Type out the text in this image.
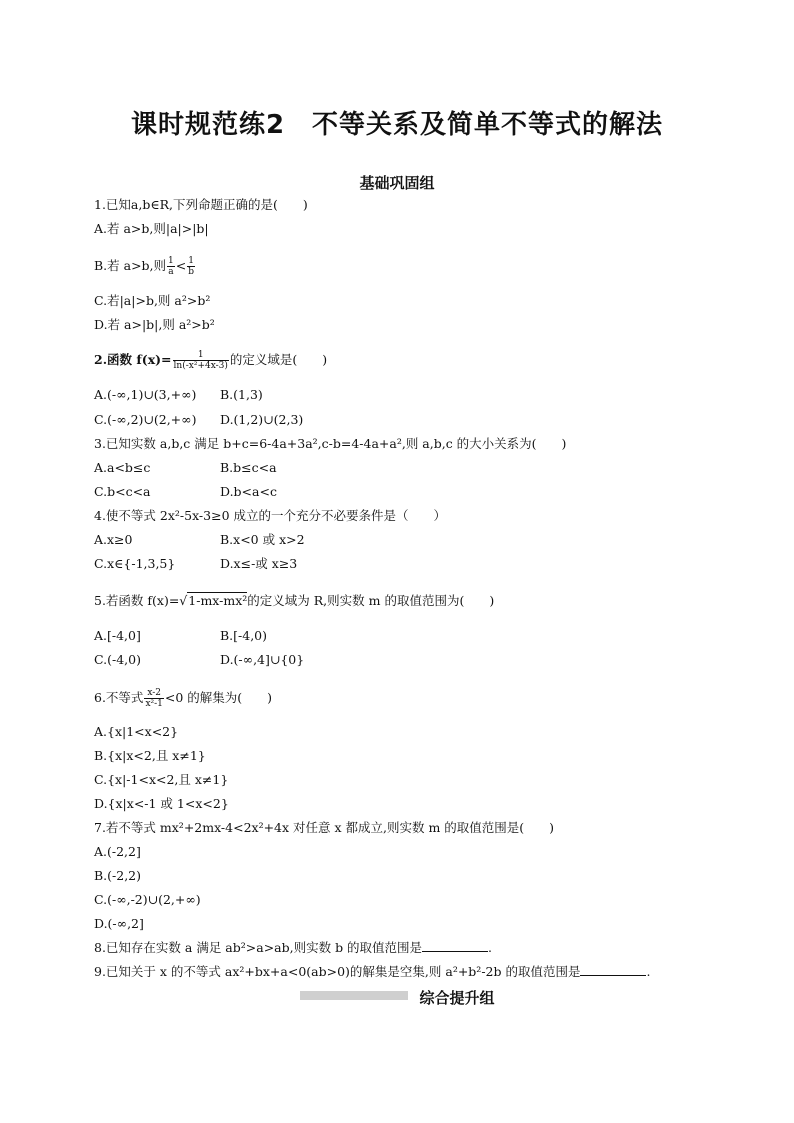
课时规范练2　不等关系及简单不等式的解法
基础巩固组
1.已知a,b∈R,下列命题正确的是(　　)
A.若 a>b,则|a|>|b|
B.若 a>b,则 $\frac{1}{a} < \frac{1}{b}$
C.若|a|>b,则 a²>b²
D.若 a>|b|,则 a²>b²
2.函数 $f(x)= \frac{1}{\text{ln(-x²+4x-3)}}$ 的定义域是(　　)
A.(-∞,1)∪(3,+∞) B.(1,3)
C.(-∞,2)∪(2,+∞) D.(1,2)∪(2,3)
3.已知实数 a,b,c 满足 b+c=6-4a+3a²,c-b=4-4a+a²,则 a,b,c 的大小关系为(　　)
A.a<b≤c	B.b≤c<a
C.b<c<a	D.b<a<c
4.使不等式 2x²-5x-3≥0 成立的一个充分不必要条件是（　　）
A.x≥0	B.x<0 或 x>2
C.x∈{-1,3,5}	D.x≤-或 x≥3
5.若函数 f(x)=√1-mx-mx²的定义域为 R,则实数 m 的取值范围为(　　)
A.[-4,0]	B.[-4,0)
C.(-4,0)	D.(-∞,4]∪{0}
6.不等式 $\frac{x-2}{\text{x²-1}} <0$ 的解集为(　　)
A.{x|1<x<2}
B.{x|x<2,且 x≠1}
C.{x|-1<x<2,且 x≠1}
D.{x|x<-1 或 1<x<2}
7.若不等式 mx²+2mx-4<2x²+4x 对任意 x 都成立,则实数 m 的取值范围是(　　)
A.(-2,2]
B.(-2,2)
C.(-∞,-2)∪(2,+∞)
D.(-∞,2]
8.已知存在实数 a 满足 ab²>a>ab,则实数 b 的取值范围是	.
9.已知关于 x 的不等式 ax²+bx+a<0(ab>0)的解集是空集,则 a²+b²-2b 的取值范围是	.
综合提升组
